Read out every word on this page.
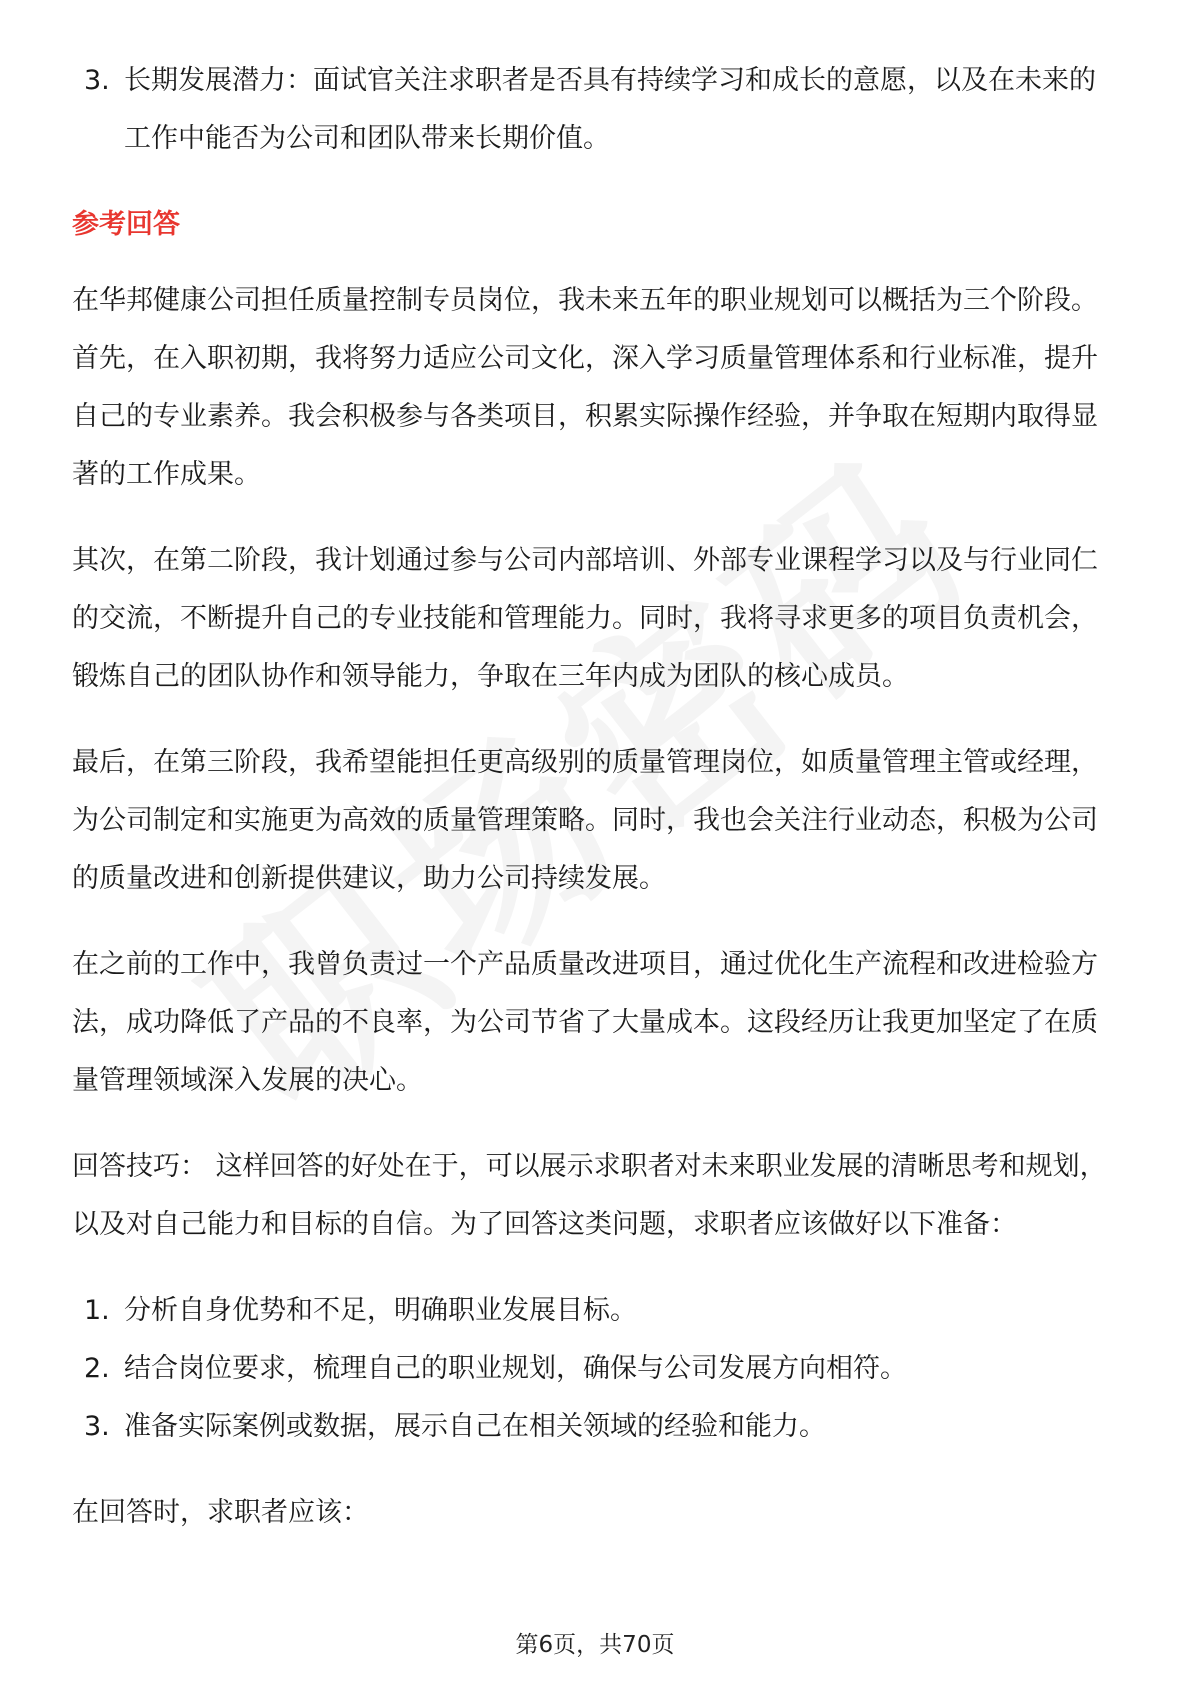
3. 长期发展潜力：面试官关注求职者是否具有持续学习和成长的意愿，以及在未来的工作中能否为公司和团队带来长期价值。
参考回答

在华邦健康公司担任质量控制专员岗位，我未来五年的职业规划可以概括为三个阶段。首先，在入职初期，我将努力适应公司文化，深入学习质量管理体系和行业标准，提升自己的专业素养。我会积极参与各类项目，积累实际操作经验，并争取在短期内取得显著的工作成果。

其次，在第二阶段，我计划通过参与公司内部培训、外部专业课程学习以及与行业同仁的交流，不断提升自己的专业技能和管理能力。同时，我将寻求更多的项目负责机会，锻炼自己的团队协作和领导能力，争取在三年内成为团队的核心成员。

最后，在第三阶段，我希望能担任更高级别的质量管理岗位，如质量管理主管或经理，为公司制定和实施更为高效的质量管理策略。同时，我也会关注行业动态，积极为公司的质量改进和创新提供建议，助力公司持续发展。

在之前的工作中，我曾负责过一个产品质量改进项目，通过优化生产流程和改进检验方法，成功降低了产品的不良率，为公司节省了大量成本。这段经历让我更加坚定了在质量管理领域深入发展的决心。

回答技巧： 这样回答的好处在于，可以展示求职者对未来职业发展的清晰思考和规划，以及对自己能力和目标的自信。为了回答这类问题，求职者应该做好以下准备：

1. 分析自身优势和不足，明确职业发展目标。
2. 结合岗位要求，梳理自己的职业规划，确保与公司发展方向相符。
3. 准备实际案例或数据，展示自己在相关领域的经验和能力。

在回答时，求职者应该：

第6页，共70页
